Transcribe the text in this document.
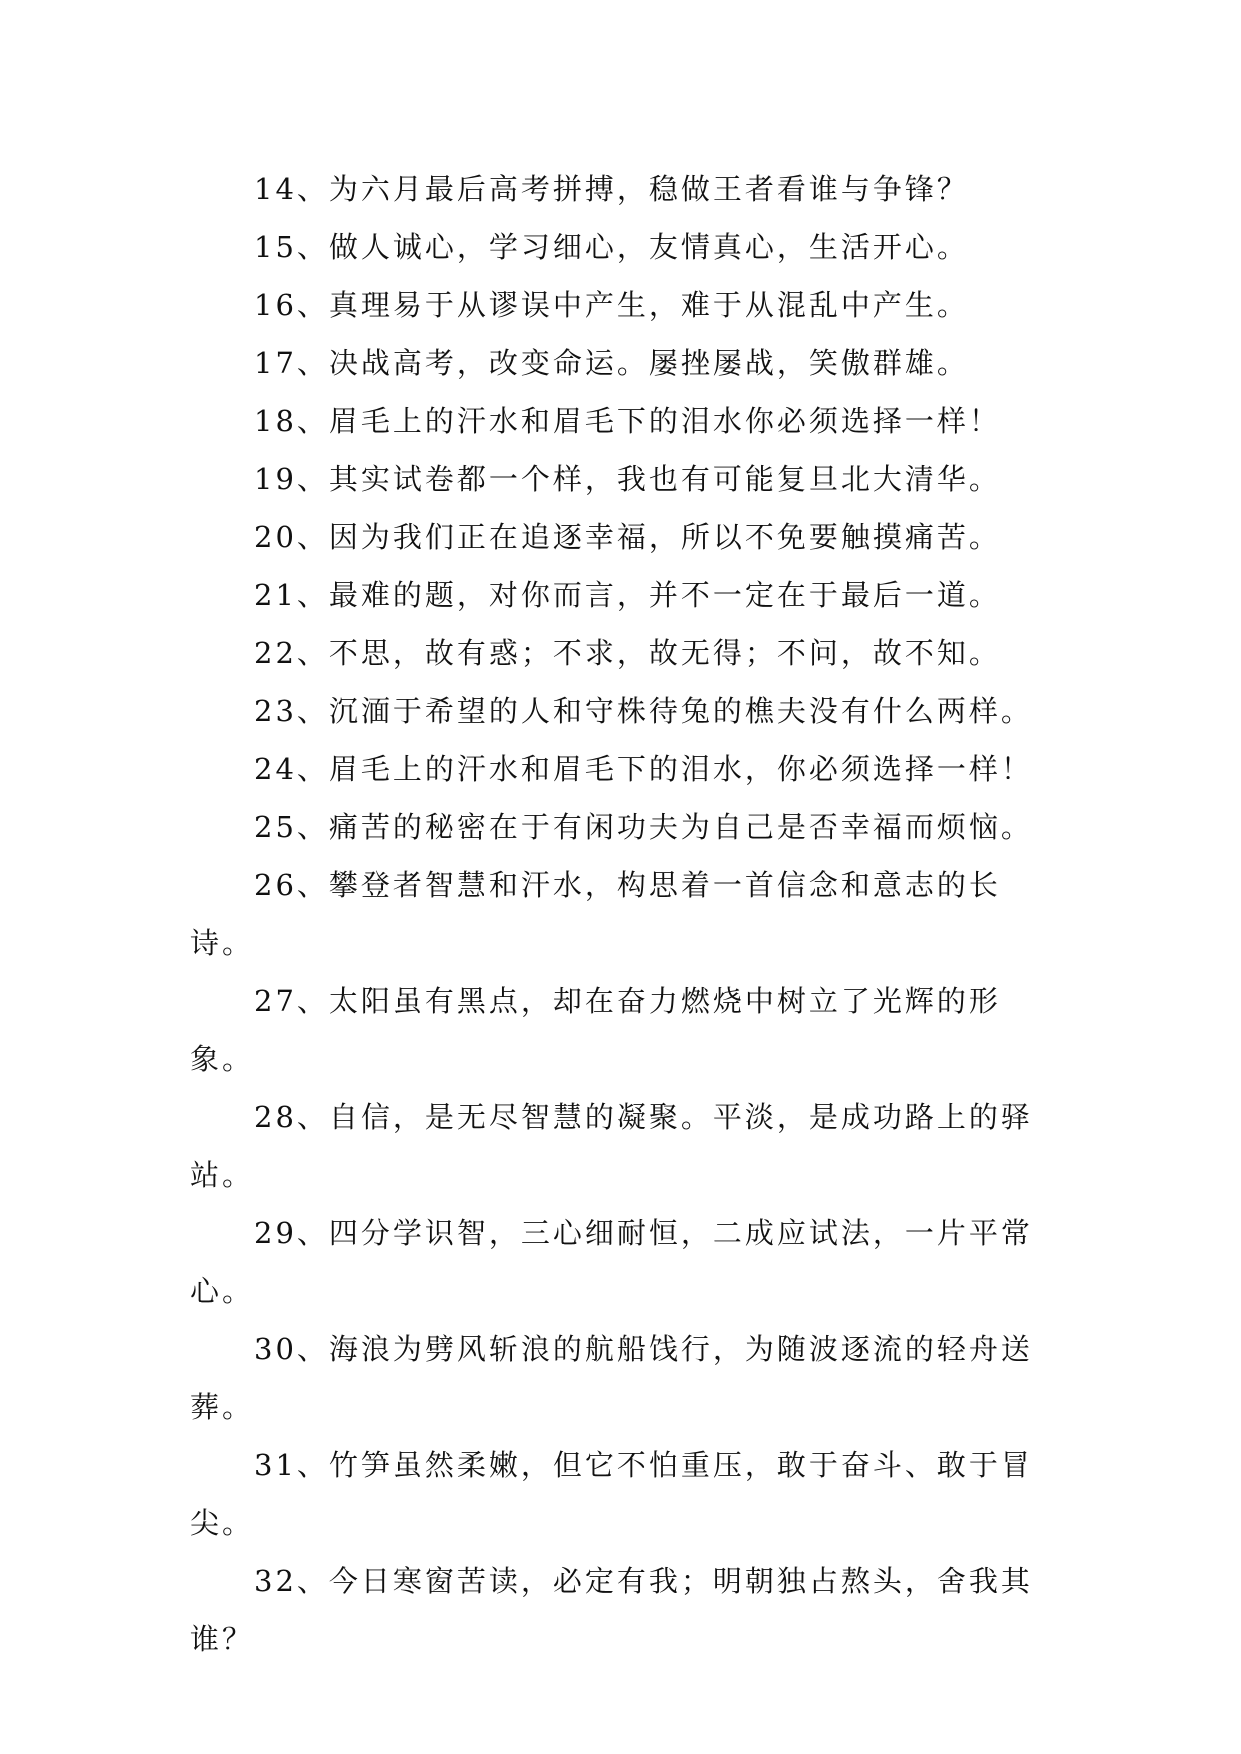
14、为六月最后高考拼搏，稳做王者看谁与争锋？

15、做人诚心，学习细心，友情真心，生活开心。

16、真理易于从谬误中产生，难于从混乱中产生。

17、决战高考，改变命运。屡挫屡战，笑傲群雄。

18、眉毛上的汗水和眉毛下的泪水你必须选择一样！

19、其实试卷都一个样，我也有可能复旦北大清华。

20、因为我们正在追逐幸福，所以不免要触摸痛苦。

21、最难的题，对你而言，并不一定在于最后一道。

22、不思，故有惑；不求，故无得；不问，故不知。

23、沉湎于希望的人和守株待兔的樵夫没有什么两样。

24、眉毛上的汗水和眉毛下的泪水，你必须选择一样！

25、痛苦的秘密在于有闲功夫为自己是否幸福而烦恼。

26、攀登者智慧和汗水，构思着一首信念和意志的长诗。

27、太阳虽有黑点，却在奋力燃烧中树立了光辉的形象。

28、自信，是无尽智慧的凝聚。平淡，是成功路上的驿站。

29、四分学识智，三心细耐恒，二成应试法，一片平常心。

30、海浪为劈风斩浪的航船饯行，为随波逐流的轻舟送葬。

31、竹笋虽然柔嫩，但它不怕重压，敢于奋斗、敢于冒尖。

32、今日寒窗苦读，必定有我；明朝独占熬头，舍我其谁？
